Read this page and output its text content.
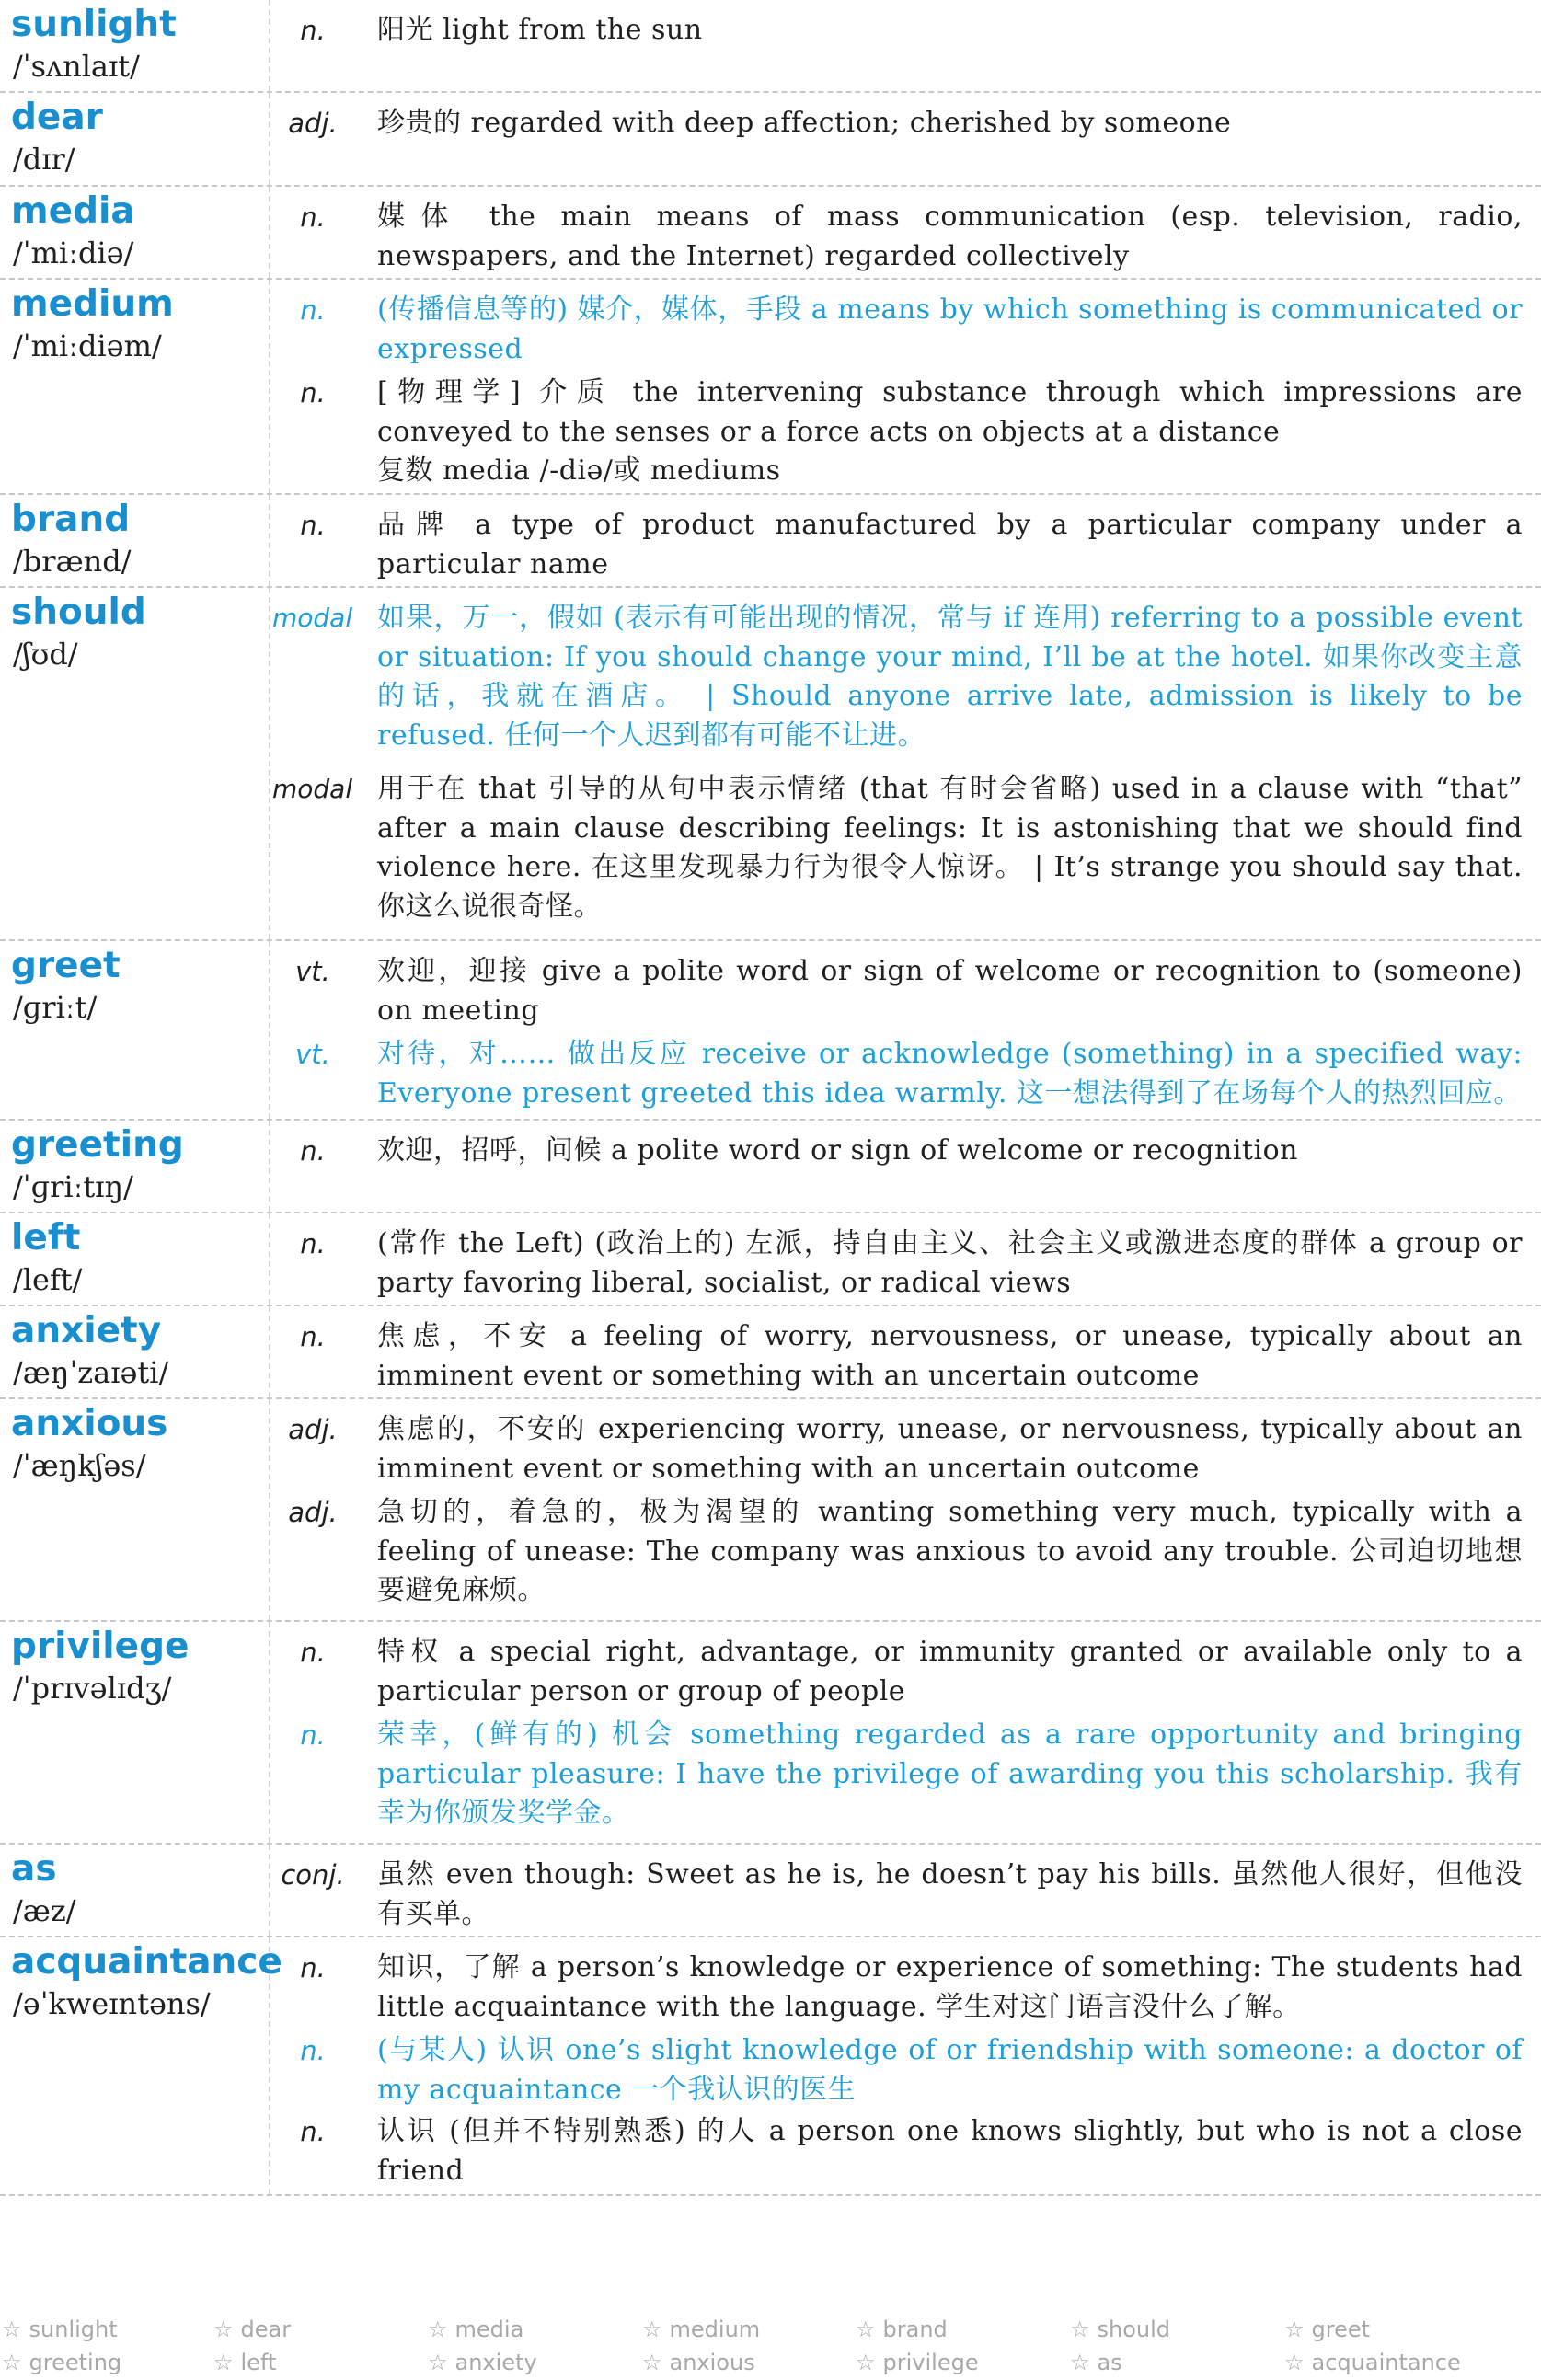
sunlight
/ˈsʌnlaɪt/
n.	阳光 light from the sun
dear
/dɪr/
adj.	珍贵的 regarded with deep affection; cherished by someone
media
/ˈmiːdiə/
n.	媒体 the main means of mass communication (esp. television, radio, newspapers, and the Internet) regarded collectively
medium
/ˈmiːdiəm/
n.	(传播信息等的) 媒介，媒体，手段 a means by which something is communicated or expressed
n.	[物理学] 介质 the intervening substance through which impressions are conveyed to the senses or a force acts on objects at a distance
复数 media /-diə/或 mediums
brand
/brænd/
n.	品牌 a type of product manufactured by a particular company under a particular name
should
/ʃʊd/
modal 如果，万一，假如 (表示有可能出现的情况，常与 if 连用) referring to a possible event or situation: If you should change your mind, I’ll be at the hotel. 如果你改变主意的话，我就在酒店。 | Should anyone arrive late, admission is likely to be refused. 任何一个人迟到都有可能不让进。
modal 用于在 that 引导的从句中表示情绪 (that 有时会省略) used in a clause with “that” after a main clause describing feelings: It is astonishing that we should find violence here. 在这里发现暴力行为很令人惊讶。 | It’s strange you should say that. 你这么说很奇怪。
greet
/ɡriːt/
vt.	欢迎，迎接 give a polite word or sign of welcome or recognition to (someone) on meeting
vt.	对待，对…… 做出反应 receive or acknowledge (something) in a specified way: Everyone present greeted this idea warmly. 这一想法得到了在场每个人的热烈回应。
greeting
/ˈɡriːtɪŋ/
n.	欢迎，招呼，问候 a polite word or sign of welcome or recognition
left
/left/
n.	(常作 the Left) (政治上的) 左派，持自由主义、社会主义或激进态度的群体 a group or party favoring liberal, socialist, or radical views
anxiety
/æŋˈzaɪəti/
n.	焦虑，不安 a feeling of worry, nervousness, or unease, typically about an imminent event or something with an uncertain outcome
anxious
/ˈæŋkʃəs/
adj.	焦虑的，不安的 experiencing worry, unease, or nervousness, typically about an imminent event or something with an uncertain outcome
adj.	急切的，着急的，极为渴望的 wanting something very much, typically with a feeling of unease: The company was anxious to avoid any trouble. 公司迫切地想要避免麻烦。
privilege
/ˈprɪvəlɪdʒ/
n.	特权 a special right, advantage, or immunity granted or available only to a particular person or group of people
n.	荣幸，(鲜有的) 机会 something regarded as a rare opportunity and bringing particular pleasure: I have the privilege of awarding you this scholarship. 我有幸为你颁发奖学金。
as
/æz/
conj.	虽然 even though: Sweet as he is, he doesn’t pay his bills. 虽然他人很好，但他没有买单。
acquaintance
/əˈkweɪntəns/
n.	知识，了解 a person’s knowledge or experience of something: The students had little acquaintance with the language. 学生对这门语言没什么了解。
n.	(与某人) 认识 one’s slight knowledge of or friendship with someone: a doctor of my acquaintance 一个我认识的医生
n.	认识 (但并不特别熟悉) 的人 a person one knows slightly, but who is not a close friend
☆ sunlight	☆ dear	☆ media	☆ medium	☆ brand	☆ should	☆ greet
☆ greeting	☆ left	☆ anxiety	☆ anxious	☆ privilege	☆ as	☆ acquaintance
